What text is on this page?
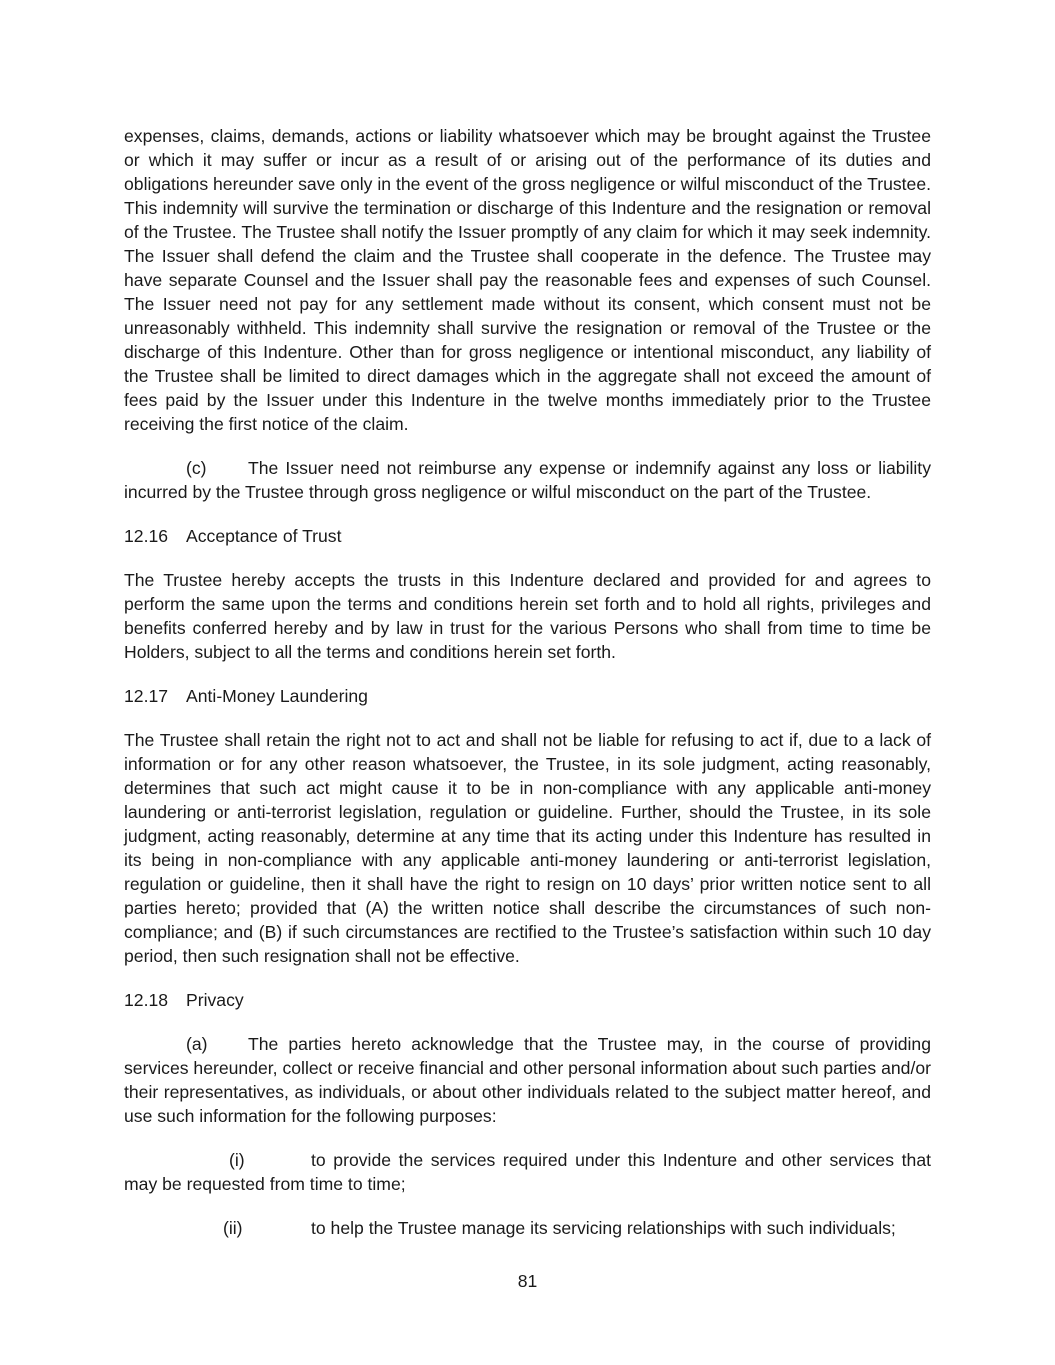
expenses, claims, demands, actions or liability whatsoever which may be brought against the Trustee or which it may suffer or incur as a result of or arising out of the performance of its duties and obligations hereunder save only in the event of the gross negligence or wilful misconduct of the Trustee. This indemnity will survive the termination or discharge of this Indenture and the resignation or removal of the Trustee. The Trustee shall notify the Issuer promptly of any claim for which it may seek indemnity. The Issuer shall defend the claim and the Trustee shall cooperate in the defence. The Trustee may have separate Counsel and the Issuer shall pay the reasonable fees and expenses of such Counsel. The Issuer need not pay for any settlement made without its consent, which consent must not be unreasonably withheld. This indemnity shall survive the resignation or removal of the Trustee or the discharge of this Indenture. Other than for gross negligence or intentional misconduct, any liability of the Trustee shall be limited to direct damages which in the aggregate shall not exceed the amount of fees paid by the Issuer under this Indenture in the twelve months immediately prior to the Trustee receiving the first notice of the claim.

(c) The Issuer need not reimburse any expense or indemnify against any loss or liability incurred by the Trustee through gross negligence or wilful misconduct on the part of the Trustee.

12.16 Acceptance of Trust

The Trustee hereby accepts the trusts in this Indenture declared and provided for and agrees to perform the same upon the terms and conditions herein set forth and to hold all rights, privileges and benefits conferred hereby and by law in trust for the various Persons who shall from time to time be Holders, subject to all the terms and conditions herein set forth.

12.17 Anti-Money Laundering

The Trustee shall retain the right not to act and shall not be liable for refusing to act if, due to a lack of information or for any other reason whatsoever, the Trustee, in its sole judgment, acting reasonably, determines that such act might cause it to be in non-compliance with any applicable anti-money laundering or anti-terrorist legislation, regulation or guideline. Further, should the Trustee, in its sole judgment, acting reasonably, determine at any time that its acting under this Indenture has resulted in its being in non-compliance with any applicable anti-money laundering or anti-terrorist legislation, regulation or guideline, then it shall have the right to resign on 10 days’ prior written notice sent to all parties hereto; provided that (A) the written notice shall describe the circumstances of such non-compliance; and (B) if such circumstances are rectified to the Trustee’s satisfaction within such 10 day period, then such resignation shall not be effective.

12.18 Privacy

(a) The parties hereto acknowledge that the Trustee may, in the course of providing services hereunder, collect or receive financial and other personal information about such parties and/or their representatives, as individuals, or about other individuals related to the subject matter hereof, and use such information for the following purposes:

(i)	to provide the services required under this Indenture and other services that may be requested from time to time;

(ii)	to help the Trustee manage its servicing relationships with such individuals;

81
